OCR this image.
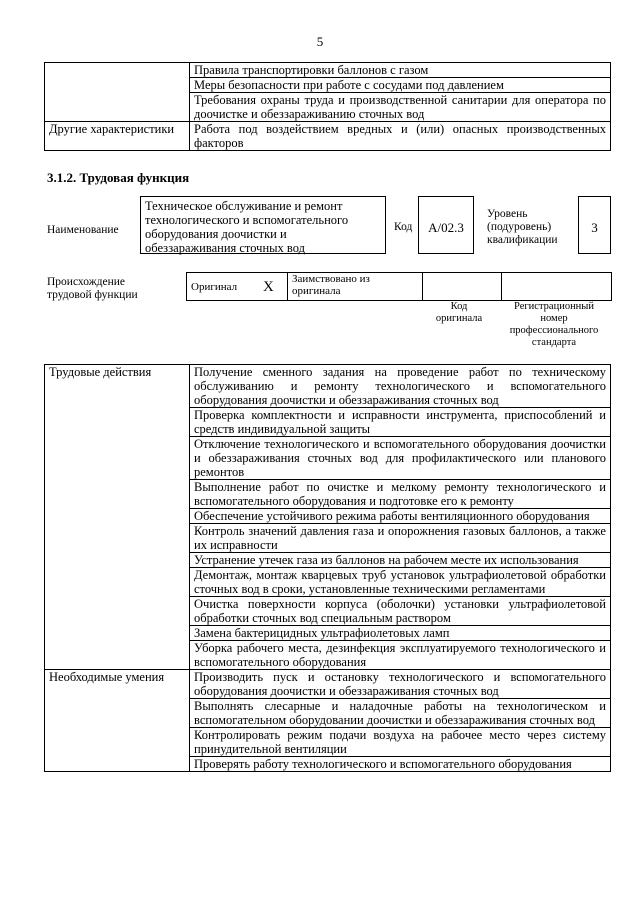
5
	Правила транспортировки баллонов с газом
	Меры безопасности при работе с сосудами под давлением
	Требования охраны труда и производственной санитарии для оператора по доочистке и обеззараживанию сточных вод
Другие характеристики	Работа под воздействием вредных и (или) опасных производственных факторов
3.1.2. Трудовая функция
Наименование
Техническое обслуживание и ремонт технологического и вспомогательного оборудования доочистки и обеззараживания сточных вод
Код	А/02.3
Уровень (подуровень) квалификации
3
Происхождение трудовой функции
Оригинал	X	Заимствовано из оригинала		
Код оригинала
Регистрационный номер профессионального стандарта
Трудовые действия	Получение сменного задания на проведение работ по техническому обслуживанию и ремонту технологического и вспомогательного оборудования доочистки и обеззараживания сточных вод
	Проверка комплектности и исправности инструмента, приспособлений и средств индивидуальной защиты
	Отключение технологического и вспомогательного оборудования доочистки и обеззараживания сточных вод для профилактического или планового ремонтов
	Выполнение работ по очистке и мелкому ремонту технологического и вспомогательного оборудования и подготовке его к ремонту
	Обеспечение устойчивого режима работы вентиляционного оборудования
	Контроль значений давления газа и опорожнения газовых баллонов, а также их исправности
	Устранение утечек газа из баллонов на рабочем месте их использования
	Демонтаж, монтаж кварцевых труб установок ультрафиолетовой обработки сточных вод в сроки, установленные техническими регламентами
	Очистка поверхности корпуса (оболочки) установки ультрафиолетовой обработки сточных вод специальным раствором
	Замена бактерицидных ультрафиолетовых ламп
	Уборка рабочего места, дезинфекция эксплуатируемого технологического и вспомогательного оборудования
Необходимые умения	Производить пуск и остановку технологического и вспомогательного оборудования доочистки и обеззараживания сточных вод
	Выполнять слесарные и наладочные работы на технологическом и вспомогательном оборудовании доочистки и обеззараживания сточных вод
	Контролировать режим подачи воздуха на рабочее место через систему принудительной вентиляции
	Проверять работу технологического и вспомогательного оборудования
